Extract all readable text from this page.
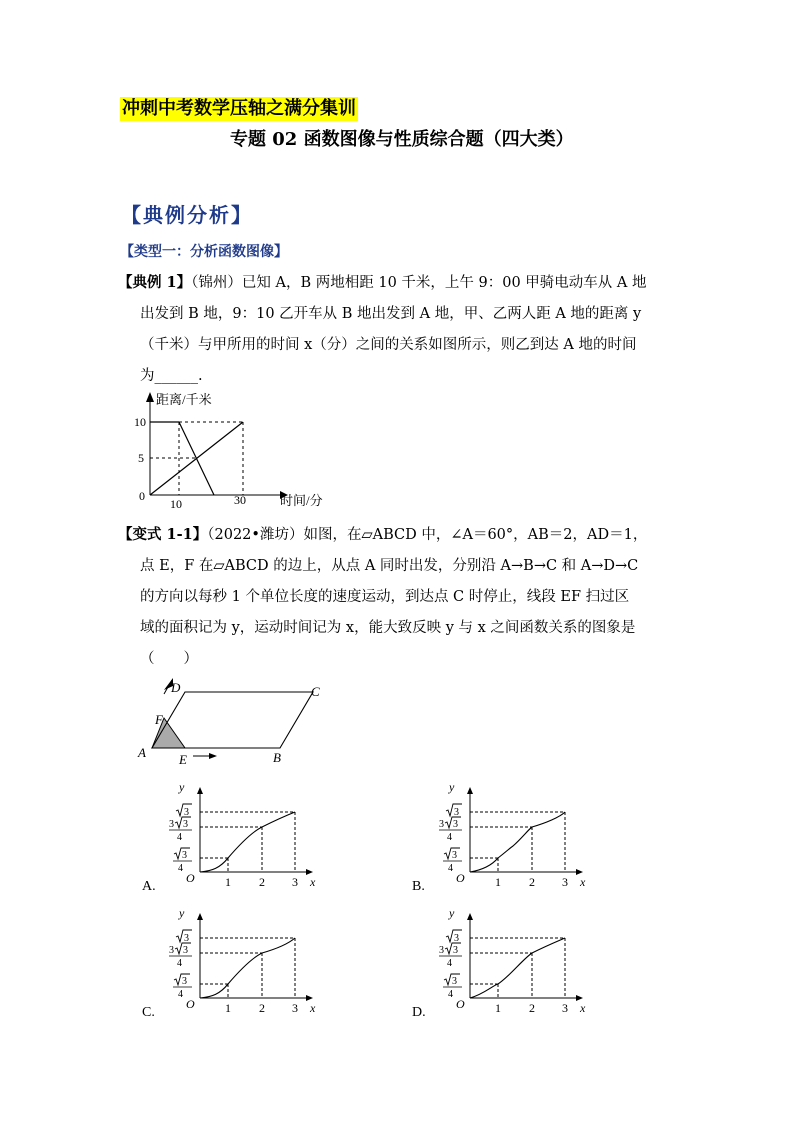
冲刺中考数学压轴之满分集训
专题 02 函数图像与性质综合题（四大类）
【典例分析】
【类型一：分析函数图像】
【典例 1】（锦州）已知 A，B 两地相距 10 千米，上午 9：00 甲骑电动车从 A 地
出发到 B 地，9：10 乙开车从 B 地出发到 A 地，甲、乙两人距 A 地的距离 y
（千米）与甲所用的时间 x（分）之间的关系如图所示，则乙到达 A 地的时间
为______.
距离/千米
时间/分
10
5
0
10	30
【变式 1-1】（2022•潍坊）如图，在▱ABCD 中，∠A＝60°，AB＝2，AD＝1，
点 E，F 在▱ABCD 的边上，从点 A 同时出发，分别沿 A→B→C 和 A→D→C
的方向以每秒 1 个单位长度的速度运动，到达点 C 时停止，线段 EF 扫过区
域的面积记为 y，运动时间记为 x，能大致反映 y 与 x 之间函数关系的图象是
（　　）
A	B
C
D
E
F
A.
y
x
O	1 2 3
3
3 3
4
3
4
B.
y
x
O	1 2 3
3
3 3
4
3
4
C.
y
x
O	1 2 3
3
3 3
4
3
4
D.
y
x
O	1 2 3
3
3 3
4
3
4
